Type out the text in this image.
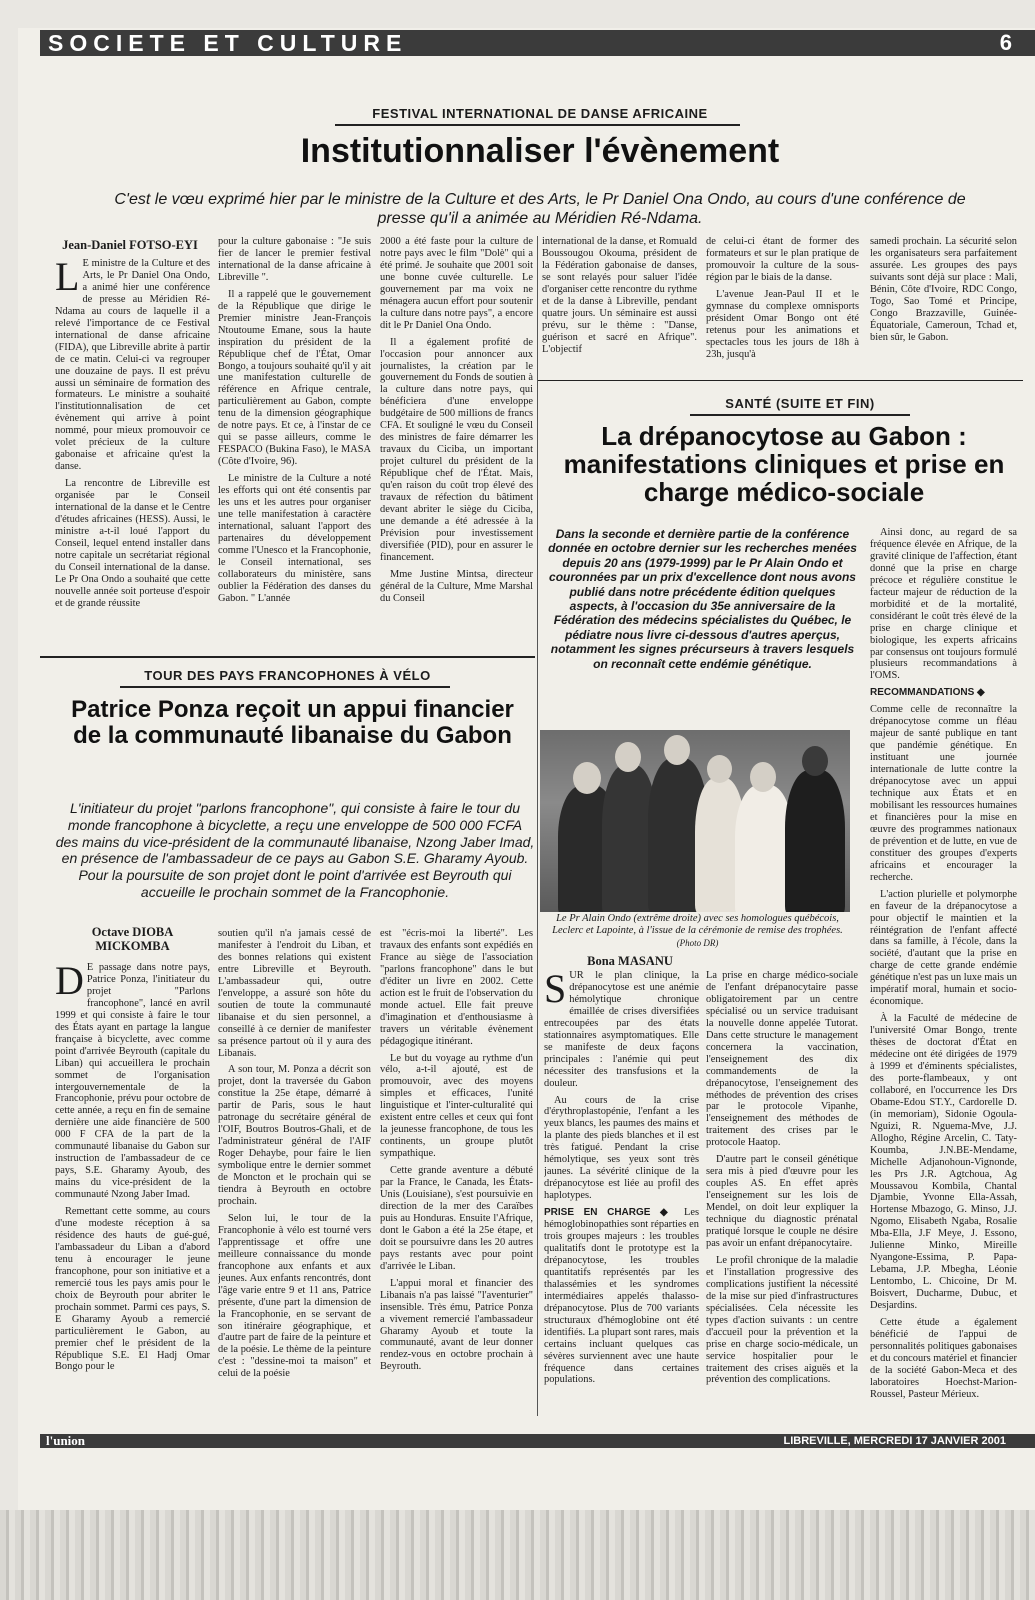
SOCIETE ET CULTURE	6
FESTIVAL INTERNATIONAL DE DANSE AFRICAINE
Institutionnaliser l'évènement
C'est le vœu exprimé hier par le ministre de la Culture et des Arts, le Pr Daniel Ona Ondo, au cours d'une conférence de presse qu'il a animée au Méridien Ré-Ndama.
Jean-Daniel FOTSO-EYI

L E ministre de la Culture et des Arts, le Pr Daniel Ona Ondo, a animé hier une conférence de presse au Méridien Ré-Ndama au cours de laquelle il a relevé l'importance de ce Festival international de danse africaine (FIDA), que Libreville abrite à partir de ce matin. Celui-ci va regrouper une douzaine de pays. Il est prévu aussi un séminaire de formation des formateurs. Le ministre a souhaité l'institutionnalisation de cet évènement qui arrive à point nommé, pour mieux promouvoir ce volet précieux de la culture gabonaise et africaine qu'est la danse.

La rencontre de Libreville est organisée par le Conseil international de la danse et le Centre d'études africaines (HESS). Aussi, le ministre a-t-il loué l'apport du Conseil, lequel entend installer dans notre capitale un secrétariat régional du Conseil international de la danse. Le Pr Ona Ondo a souhaité que cette nouvelle année soit porteuse d'espoir et de grande réussite

pour la culture gabonaise : "Je suis fier de lancer le premier festival international de la danse africaine à Libreville ".

Il a rappelé que le gouvernement de la République que dirige le Premier ministre Jean-François Ntoutoume Emane, sous la haute inspiration du président de la République chef de l'État, Omar Bongo, a toujours souhaité qu'il y ait une manifestation culturelle de référence en Afrique centrale, particulièrement au Gabon, compte tenu de la dimension géographique de notre pays. Et ce, à l'instar de ce qui se passe ailleurs, comme le FESPACO (Bukina Faso), le MASA (Côte d'Ivoire, 96).

Le ministre de la Culture a noté les efforts qui ont été consentis par les uns et les autres pour organiser une telle manifestation à caractère international, saluant l'apport des partenaires du développement comme l'Unesco et la Francophonie, le Conseil international, ses collaborateurs du ministère, sans oublier la Fédération des danses du Gabon. " L'année

2000 a été faste pour la culture de notre pays avec le film "Dolè" qui a été primé. Je souhaite que 2001 soit une bonne cuvée culturelle. Le gouvernement par ma voix ne ménagera aucun effort pour soutenir la culture dans notre pays", a encore dit le Pr Daniel Ona Ondo.

Il a également profité de l'occasion pour annoncer aux journalistes, la création par le gouvernement du Fonds de soutien à la culture dans notre pays, qui bénéficiera d'une enveloppe budgétaire de 500 millions de francs CFA. Et souligné le vœu du Conseil des ministres de faire démarrer les travaux du Ciciba, un important projet culturel du président de la République chef de l'État. Mais, qu'en raison du coût trop élevé des travaux de réfection du bâtiment devant abriter le siège du Ciciba, une demande a été adressée à la Prévision pour investissement diversifiée (PID), pour en assurer le financement.

Mme Justine Mintsa, directeur général de la Culture, Mme Marshal du Conseil

international de la danse, et Romuald Boussougou Okouma, président de la Fédération gabonaise de danses, se sont relayés pour saluer l'idée d'organiser cette rencontre du rythme et de la danse à Libreville, pendant quatre jours. Un séminaire est aussi prévu, sur le thème : "Danse, guérison et sacré en Afrique". L'objectif

de celui-ci étant de former des formateurs et sur le plan pratique de promouvoir la culture de la sous-région par le biais de la danse.

L'avenue Jean-Paul II et le gymnase du complexe omnisports président Omar Bongo ont été retenus pour les animations et spectacles tous les jours de 18h à 23h, jusqu'à

samedi prochain. La sécurité selon les organisateurs sera parfaitement assurée. Les groupes des pays suivants sont déjà sur place : Mali, Bénin, Côte d'Ivoire, RDC Congo, Togo, Sao Tomé et Principe, Congo Brazzaville, Guinée-Équatoriale, Cameroun, Tchad et, bien sûr, le Gabon.

SANTÉ (SUITE ET FIN)
La drépanocytose au Gabon : manifestations cliniques et prise en charge médico-sociale
Dans la seconde et dernière partie de la conférence donnée en octobre dernier sur les recherches menées depuis 20 ans (1979-1999) par le Pr Alain Ondo et couronnées par un prix d'excellence dont nous avons publié dans notre précédente édition quelques aspects, à l'occasion du 35e anniversaire de la Fédération des médecins spécialistes du Québec, le pédiatre nous livre ci-dessous d'autres aperçus, notamment les signes précurseurs à travers lesquels on reconnaît cette endémie génétique.
Le Pr Alain Ondo (extrême droite) avec ses homologues québécois, Leclerc et Lapointe, à l'issue de la cérémonie de remise des trophées. (Photo DR)
Bona MASANU

SUR le plan clinique, la drépanocytose est une anémie hémolytique chronique émaillée de crises diversifiées entrecoupées par des états stationnaires asymptomatiques. Elle se manifeste de deux façons principales : l'anémie qui peut nécessiter des transfusions et la douleur.

Au cours de la crise d'érythroplastopénie, l'enfant a les yeux blancs, les paumes des mains et la plante des pieds blanches et il est très fatigué. Pendant la crise hémolytique, ses yeux sont très jaunes. La sévérité clinique de la drépanocytose est liée au profil des haplotypes.

PRISE EN CHARGE ◆ Les hémoglobinopathies sont réparties en trois groupes majeurs : les troubles qualitatifs dont le prototype est la drépanocytose, les troubles quantitatifs représentés par les thalassémies et les syndromes intermédiaires appelés thalasso-drépanocytose. Plus de 700 variants structuraux d'hémoglobine ont été identifiés. La plupart sont rares, mais certains incluant quelques cas sévères surviennent avec une haute fréquence dans certaines populations.

La prise en charge médico-sociale de l'enfant drépanocytaire passe obligatoirement par un centre spécialisé ou un service traduisant la nouvelle donne appelée Tutorat. Dans cette structure le management concernera la vaccination, l'enseignement des dix commandements de la drépanocytose, l'enseignement des méthodes de prévention des crises par le protocole Vipanhe, l'enseignement des méthodes de traitement des crises par le protocole Haatop.

D'autre part le conseil génétique sera mis à pied d'œuvre pour les couples AS. En effet après l'enseignement sur les lois de Mendel, on doit leur expliquer la technique du diagnostic prénatal pratiqué lorsque le couple ne désire pas avoir un enfant drépanocytaire.

Le profil chronique de la maladie et l'installation progressive des complications justifient la nécessité de la mise sur pied d'infrastructures spécialisées. Cela nécessite les types d'action suivants : un centre d'accueil pour la prévention et la prise en charge socio-médicale, un service hospitalier pour le traitement des crises aiguës et la prévention des complications.

Ainsi donc, au regard de sa fréquence élevée en Afrique, de la gravité clinique de l'affection, étant donné que la prise en charge précoce et régulière constitue le facteur majeur de réduction de la morbidité et de la mortalité, considérant le coût très élevé de la prise en charge clinique et biologique, les experts africains par consensus ont toujours formulé plusieurs recommandations à l'OMS.

RECOMMANDATIONS ◆

Comme celle de reconnaître la drépanocytose comme un fléau majeur de santé publique en tant que pandémie génétique. En instituant une journée internationale de lutte contre la drépanocytose avec un appui technique aux États et en mobilisant les ressources humaines et financières pour la mise en œuvre des programmes nationaux de prévention et de lutte, en vue de constituer des groupes d'experts africains et encourager la recherche.

L'action plurielle et polymorphe en faveur de la drépanocytose a pour objectif le maintien et la réintégration de l'enfant affecté dans sa famille, à l'école, dans la société, d'autant que la prise en charge de cette grande endémie génétique n'est pas un luxe mais un impératif moral, humain et socio-économique.

À la Faculté de médecine de l'université Omar Bongo, trente thèses de doctorat d'État en médecine ont été dirigées de 1979 à 1999 et d'éminents spécialistes, des porte-flambeaux, y ont collaboré, en l'occurrence les Drs Obame-Edou ST.Y., Cardorelle D. (in memoriam), Sidonie Ogoula-Nguizi, R. Nguema-Mve, J.J. Allogho, Régine Arcelin, C. Taty-Koumba, J.N.BE-Mendame, Michelle Adjanohoun-Vignonde, les Prs J.R. Agtchoua, Ag Moussavou Kombila, Chantal Djambie, Yvonne Ella-Assah, Hortense Mbazogo, G. Minso, J.J. Ngomo, Elisabeth Ngaba, Rosalie Mba-Ella, J.F Meye, J. Essono, Julienne Minko, Mireille Nyangone-Essima, P. Papa-Lebama, J.P. Mbegha, Léonie Lentombo, L. Chicoine, Dr M. Boisvert, Ducharme, Dubuc, et Desjardins.

Cette étude a également bénéficié de l'appui de personnalités politiques gabonaises et du concours matériel et financier de la société Gabon-Meca et des laboratoires Hoechst-Marion-Roussel, Pasteur Mérieux.

TOUR DES PAYS FRANCOPHONES À VÉLO
Patrice Ponza reçoit un appui financier de la communauté libanaise du Gabon
L'initiateur du projet "parlons francophone", qui consiste à faire le tour du monde francophone à bicyclette, a reçu une enveloppe de 500 000 FCFA des mains du vice-président de la communauté libanaise, Nzong Jaber Imad, en présence de l'ambassadeur de ce pays au Gabon S.E. Gharamy Ayoub. Pour la poursuite de son projet dont le point d'arrivée est Beyrouth qui accueille le prochain sommet de la Francophonie.
Octave DIOBA MICKOMBA

D E passage dans notre pays, Patrice Ponza, l'initiateur du projet "Parlons francophone", lancé en avril 1999 et qui consiste à faire le tour des États ayant en partage la langue française à bicyclette, avec comme point d'arrivée Beyrouth (capitale du Liban) qui accueillera le prochain sommet de l'organisation intergouvernementale de la Francophonie, prévu pour octobre de cette année, a reçu en fin de semaine dernière une aide financière de 500 000 F CFA de la part de la communauté libanaise du Gabon sur instruction de l'ambassadeur de ce pays, S.E. Gharamy Ayoub, des mains du vice-président de la communauté Nzong Jaber Imad.

Remettant cette somme, au cours d'une modeste réception à sa résidence des hauts de gué-gué, l'ambassadeur du Liban a d'abord tenu à encourager le jeune francophone, pour son initiative et a remercié tous les pays amis pour le choix de Beyrouth pour abriter le prochain sommet. Parmi ces pays, S. E Gharamy Ayoub a remercié particulièrement le Gabon, au premier chef le président de la République S.E. El Hadj Omar Bongo pour le

soutien qu'il n'a jamais cessé de manifester à l'endroit du Liban, et des bonnes relations qui existent entre Libreville et Beyrouth. L'ambassadeur qui, outre l'enveloppe, a assuré son hôte du soutien de toute la communauté libanaise et du sien personnel, a conseillé à ce dernier de manifester sa présence partout où il y aura des Libanais.

A son tour, M. Ponza a décrit son projet, dont la traversée du Gabon constitue la 25e étape, démarré à partir de Paris, sous le haut patronage du secrétaire général de l'OIF, Boutros Boutros-Ghali, et de l'administrateur général de l'AIF Roger Dehaybe, pour faire le lien symbolique entre le dernier sommet de Moncton et le prochain qui se tiendra à Beyrouth en octobre prochain.

Selon lui, le tour de la Francophonie à vélo est tourné vers l'apprentissage et offre une meilleure connaissance du monde francophone aux enfants et aux jeunes. Aux enfants rencontrés, dont l'âge varie entre 9 et 11 ans, Patrice présente, d'une part la dimension de la Francophonie, en se servant de son itinéraire géographique, et d'autre part de faire de la peinture et de la poésie. Le thème de la peinture c'est : "dessine-moi ta maison" et celui de la poésie

est "écris-moi la liberté". Les travaux des enfants sont expédiés en France au siège de l'association "parlons francophone" dans le but d'éditer un livre en 2002. Cette action est le fruit de l'observation du monde actuel. Elle fait preuve d'imagination et d'enthousiasme à travers un véritable évènement pédagogique itinérant.

Le but du voyage au rythme d'un vélo, a-t-il ajouté, est de promouvoir, avec des moyens simples et efficaces, l'unité linguistique et l'inter-culturalité qui existent entre celles et ceux qui font la jeunesse francophone, de tous les continents, un groupe plutôt sympathique.

Cette grande aventure a débuté par la France, le Canada, les États-Unis (Louisiane), s'est poursuivie en direction de la mer des Caraïbes puis au Honduras. Ensuite l'Afrique, dont le Gabon a été la 25e étape, et doit se poursuivre dans les 20 autres pays restants avec pour point d'arrivée le Liban.

L'appui moral et financier des Libanais n'a pas laissé "l'aventurier" insensible. Très ému, Patrice Ponza a vivement remercié l'ambassadeur Gharamy Ayoub et toute la communauté, avant de leur donner rendez-vous en octobre prochain à Beyrouth.

l'union	LIBREVILLE, MERCREDI 17 JANVIER 2001
